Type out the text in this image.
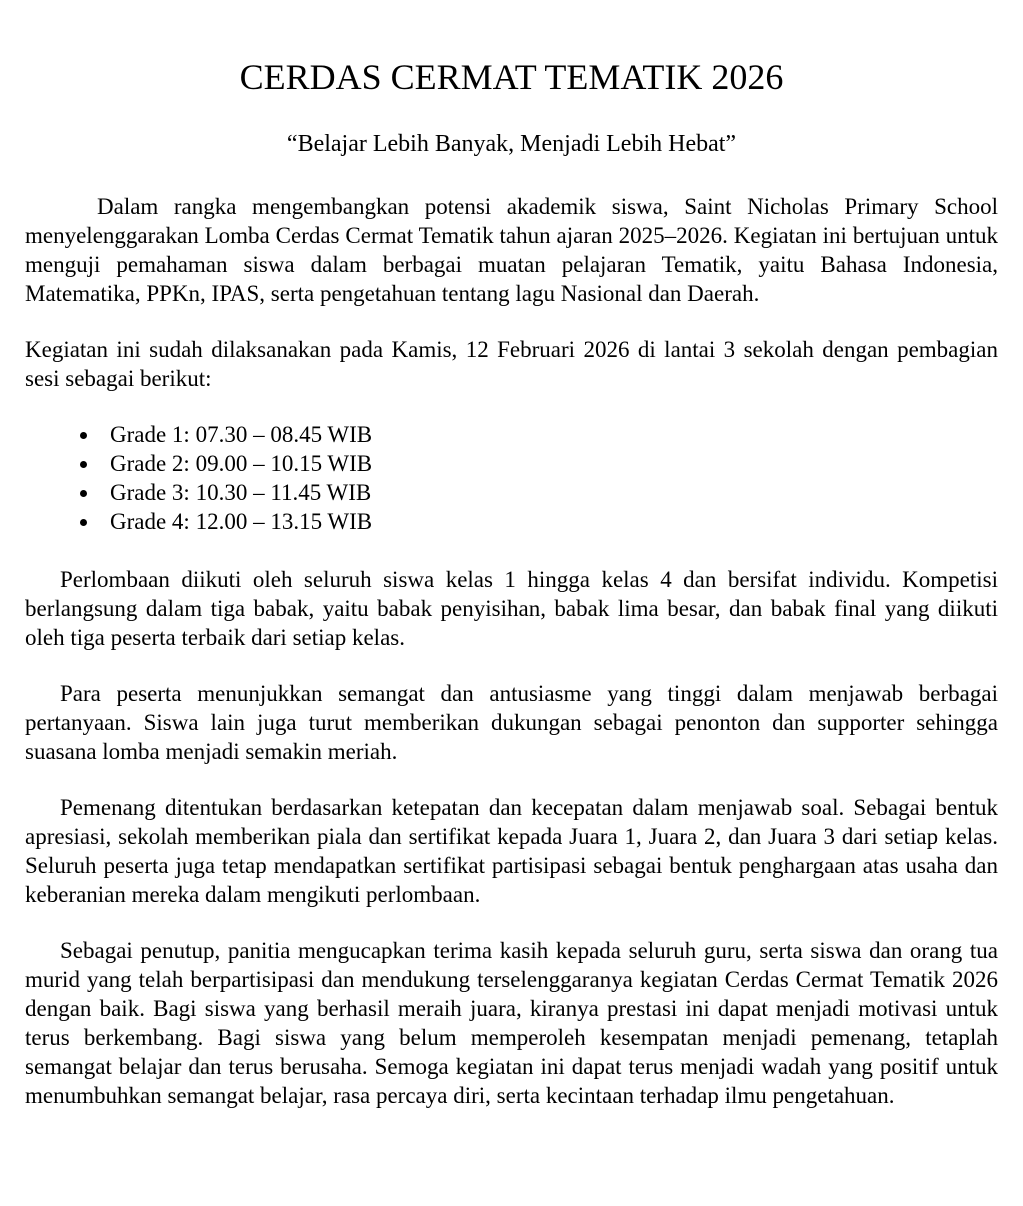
CERDAS CERMAT TEMATIK 2026
“Belajar Lebih Banyak, Menjadi Lebih Hebat”

Dalam rangka mengembangkan potensi akademik siswa, Saint Nicholas Primary School menyelenggarakan Lomba Cerdas Cermat Tematik tahun ajaran 2025–2026. Kegiatan ini bertujuan untuk menguji pemahaman siswa dalam berbagai muatan pelajaran Tematik, yaitu Bahasa Indonesia, Matematika, PPKn, IPAS, serta pengetahuan tentang lagu Nasional dan Daerah.

Kegiatan ini sudah dilaksanakan pada Kamis, 12 Februari 2026 di lantai 3 sekolah dengan pembagian sesi sebagai berikut:

• Grade 1: 07.30 – 08.45 WIB
• Grade 2: 09.00 – 10.15 WIB
• Grade 3: 10.30 – 11.45 WIB
• Grade 4: 12.00 – 13.15 WIB

Perlombaan diikuti oleh seluruh siswa kelas 1 hingga kelas 4 dan bersifat individu. Kompetisi berlangsung dalam tiga babak, yaitu babak penyisihan, babak lima besar, dan babak final yang diikuti oleh tiga peserta terbaik dari setiap kelas.

Para peserta menunjukkan semangat dan antusiasme yang tinggi dalam menjawab berbagai pertanyaan. Siswa lain juga turut memberikan dukungan sebagai penonton dan supporter sehingga suasana lomba menjadi semakin meriah.

Pemenang ditentukan berdasarkan ketepatan dan kecepatan dalam menjawab soal. Sebagai bentuk apresiasi, sekolah memberikan piala dan sertifikat kepada Juara 1, Juara 2, dan Juara 3 dari setiap kelas. Seluruh peserta juga tetap mendapatkan sertifikat partisipasi sebagai bentuk penghargaan atas usaha dan keberanian mereka dalam mengikuti perlombaan.

Sebagai penutup, panitia mengucapkan terima kasih kepada seluruh guru, serta siswa dan orang tua murid yang telah berpartisipasi dan mendukung terselenggaranya kegiatan Cerdas Cermat Tematik 2026 dengan baik. Bagi siswa yang berhasil meraih juara, kiranya prestasi ini dapat menjadi motivasi untuk terus berkembang. Bagi siswa yang belum memperoleh kesempatan menjadi pemenang, tetaplah semangat belajar dan terus berusaha. Semoga kegiatan ini dapat terus menjadi wadah yang positif untuk menumbuhkan semangat belajar, rasa percaya diri, serta kecintaan terhadap ilmu pengetahuan.
